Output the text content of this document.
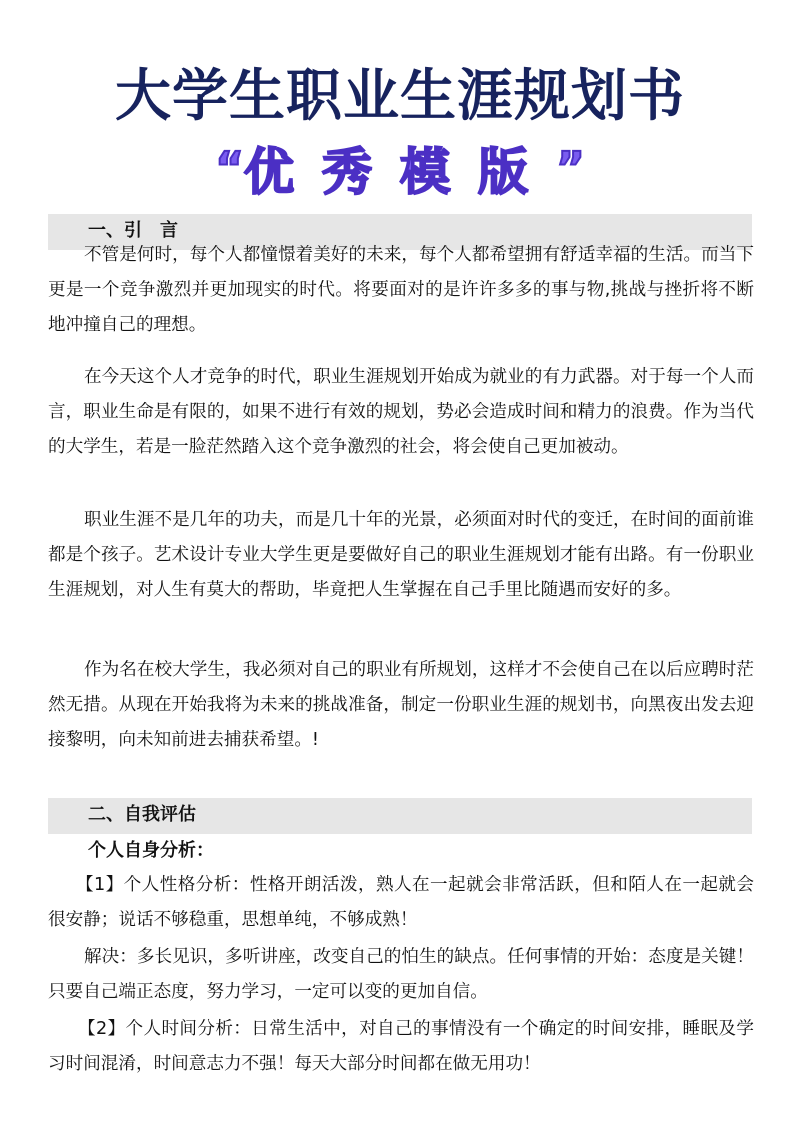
大学生职业生涯规划书
“优秀模版”
一、引　言

不管是何时，每个人都憧憬着美好的未来，每个人都希望拥有舒适幸福的生活。而当下更是一个竞争激烈并更加现实的时代。将要面对的是许许多多的事与物,挑战与挫折将不断地冲撞自己的理想。

在今天这个人才竞争的时代，职业生涯规划开始成为就业的有力武器。对于每一个人而言，职业生命是有限的，如果不进行有效的规划，势必会造成时间和精力的浪费。作为当代的大学生，若是一脸茫然踏入这个竞争激烈的社会，将会使自己更加被动。

职业生涯不是几年的功夫，而是几十年的光景，必须面对时代的变迁，在时间的面前谁都是个孩子。艺术设计专业大学生更是要做好自己的职业生涯规划才能有出路。有一份职业生涯规划，对人生有莫大的帮助，毕竟把人生掌握在自己手里比随遇而安好的多。

作为名在校大学生，我必须对自己的职业有所规划，这样才不会使自己在以后应聘时茫然无措。从现在开始我将为未来的挑战准备，制定一份职业生涯的规划书，向黑夜出发去迎接黎明，向未知前进去捕获希望。!

二、自我评估
个人自身分析：

【1】个人性格分析：性格开朗活泼，熟人在一起就会非常活跃，但和陌人在一起就会很安静；说话不够稳重，思想单纯，不够成熟！

解决：多长见识，多听讲座，改变自己的怕生的缺点。任何事情的开始：态度是关键！只要自己端正态度，努力学习，一定可以变的更加自信。

【2】个人时间分析：日常生活中，对自己的事情没有一个确定的时间安排，睡眠及学习时间混淆，时间意志力不强！每天大部分时间都在做无用功！
